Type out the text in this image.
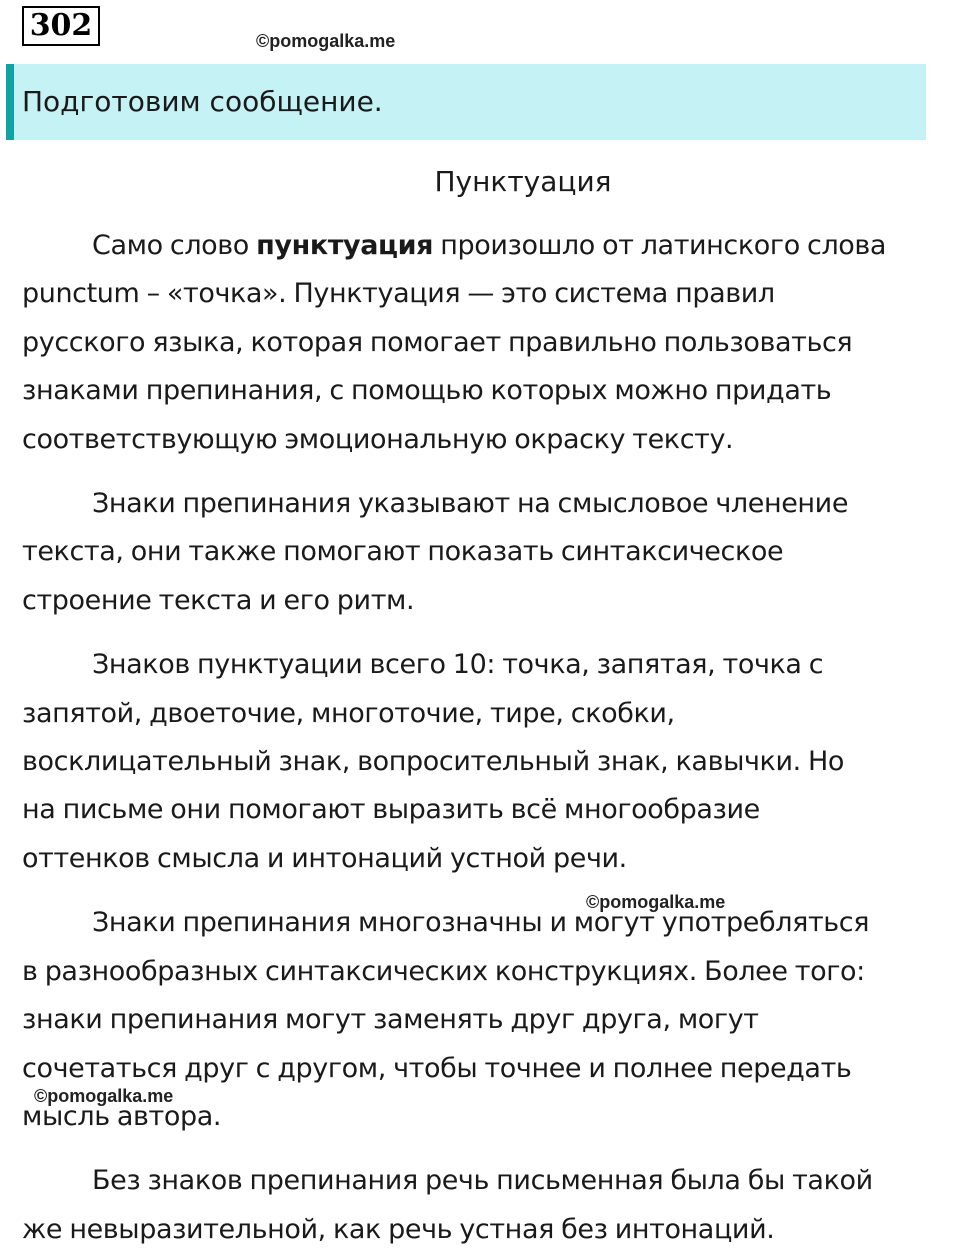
302	©pomogalka.me
Подготовим сообщение.
Пунктуация

Само слово пунктуация произошло от латинского слова
punctum – «точка». Пунктуация — это система правил
русского языка, которая помогает правильно пользоваться
знаками препинания, с помощью которых можно придать
соответствующую эмоциональную окраску тексту.

Знаки препинания указывают на смысловое членение
текста, они также помогают показать синтаксическое
строение текста и его ритм.

Знаков пунктуации всего 10: точка, запятая, точка с
запятой, двоеточие, многоточие, тире, скобки,
восклицательный знак, вопросительный знак, кавычки. Но
на письме они помогают выразить всё многообразие
оттенков смысла и интонаций устной речи.

Знаки препинания многозначны и могут употребляться
в разнообразных синтаксических конструкциях. Более того:
знаки препинания могут заменять друг друга, могут
сочетаться друг с другом, чтобы точнее и полнее передать
мысль автора.

Без знаков препинания речь письменная была бы такой
же невыразительной, как речь устная без интонаций.

©pomogalka.me
©pomogalka.me
